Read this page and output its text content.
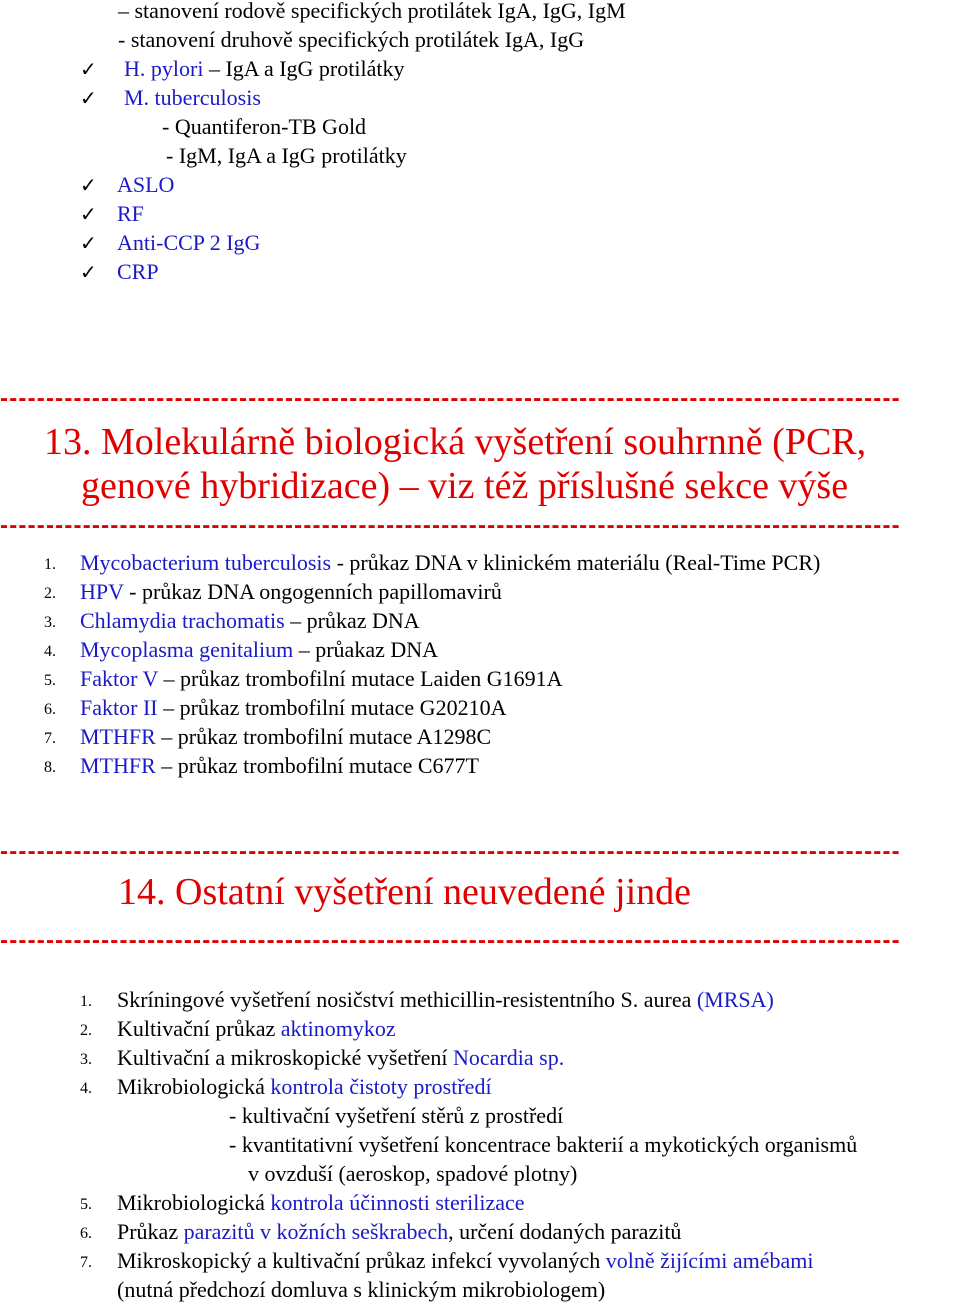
– stanovení rodově specifických protilátek IgA, IgG, IgM
- stanovení druhově specifických protilátek IgA, IgG
✓ H. pylori – IgA a IgG protilátky
✓ M. tuberculosis
- Quantiferon-TB Gold
- IgM, IgA a IgG protilátky
✓ ASLO
✓ RF
✓ Anti-CCP 2 IgG
✓ CRP
--------------------------------------------------------------------------------------------------
13. Molekulárně biologická vyšetření souhrnně (PCR,
genové hybridizace) – viz též příslušné sekce výše
--------------------------------------------------------------------------------------------------
1. Mycobacterium tuberculosis - průkaz DNA v klinickém materiálu (Real-Time PCR)
2. HPV - průkaz DNA ongogenních papillomavirů
3. Chlamydia trachomatis – průkaz DNA
4. Mycoplasma genitalium – průakaz DNA
5. Faktor V – průkaz trombofilní mutace Laiden G1691A
6. Faktor II – průkaz trombofilní mutace G20210A
7. MTHFR – průkaz trombofilní mutace A1298C
8. MTHFR – průkaz trombofilní mutace C677T
--------------------------------------------------------------------------------------------------
14. Ostatní vyšetření neuvedené jinde
--------------------------------------------------------------------------------------------------
1. Skríningové vyšetření nosičství methicillin-resistentního S. aurea (MRSA)
2. Kultivační průkaz aktinomykoz
3. Kultivační a mikroskopické vyšetření Nocardia sp.
4. Mikrobiologická kontrola čistoty prostředí
- kultivační vyšetření stěrů z prostředí
- kvantitativní vyšetření koncentrace bakterií a mykotických organismů
v ovzduší (aeroskop, spadové plotny)
5. Mikrobiologická kontrola účinnosti sterilizace
6. Průkaz parazitů v kožních seškrabech, určení dodaných parazitů
7. Mikroskopický a kultivační průkaz infekcí vyvolaných volně žijícími amébami
(nutná předchozí domluva s klinickým mikrobiologem)
